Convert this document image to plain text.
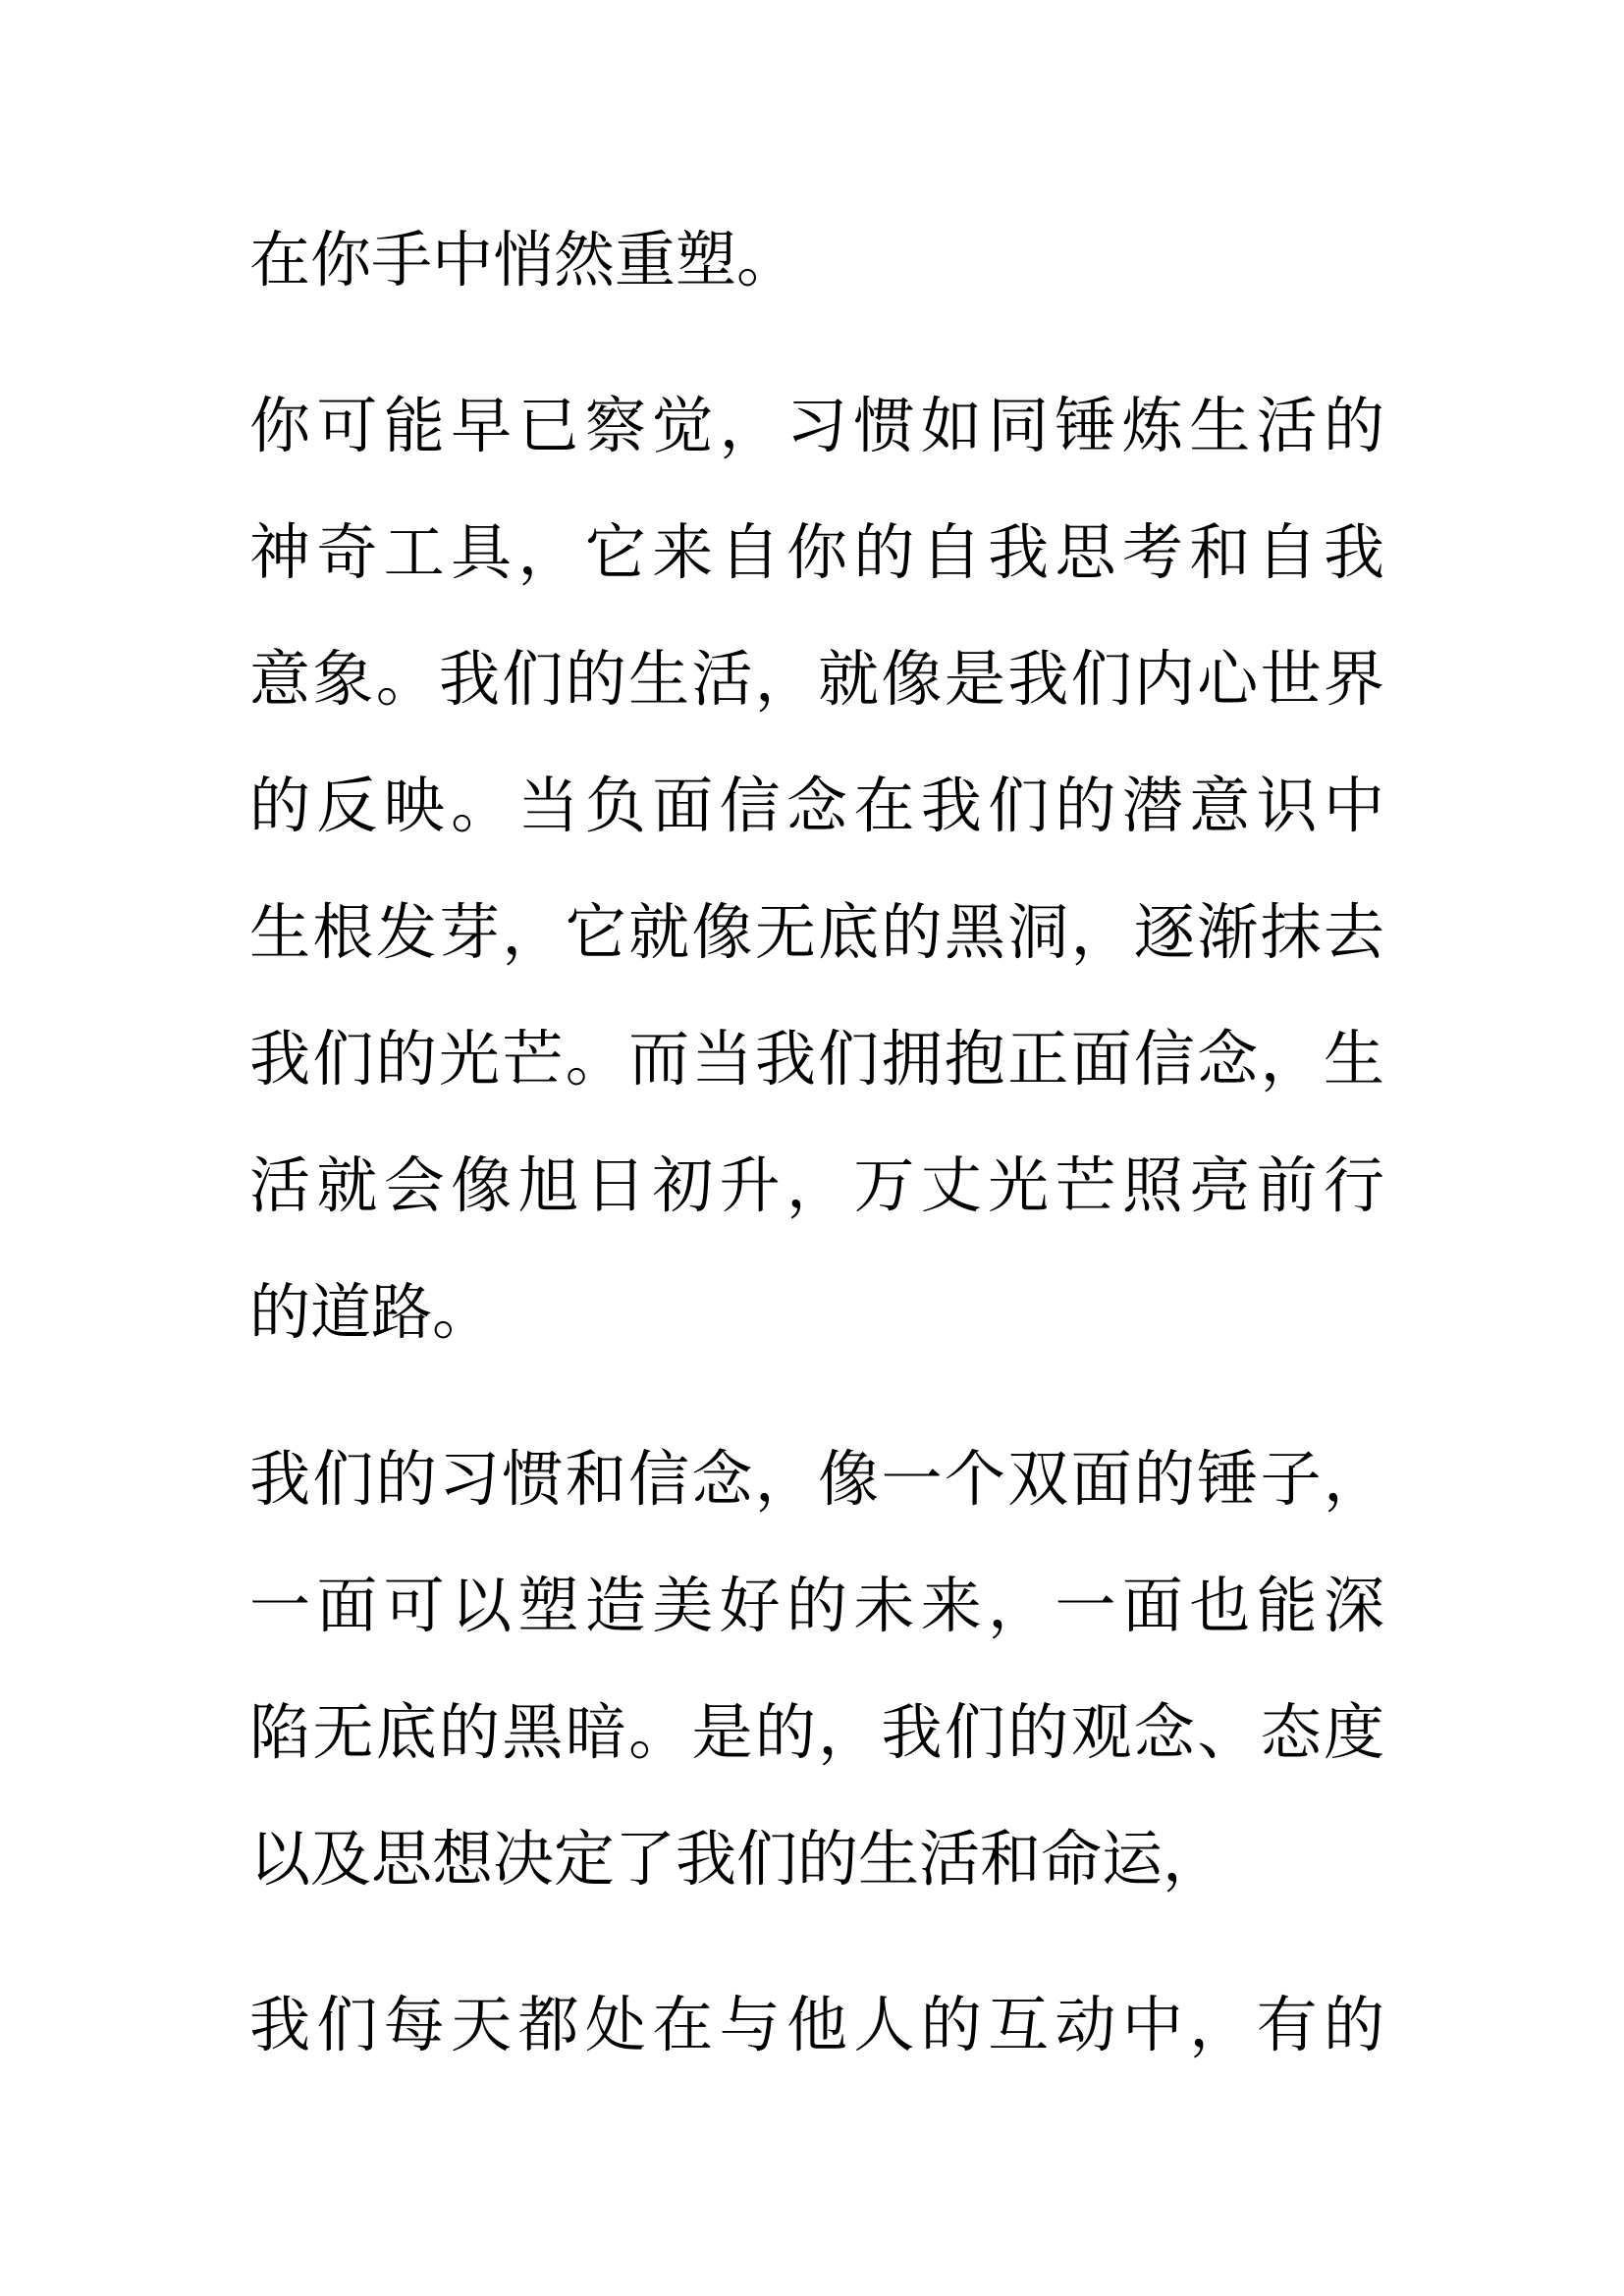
在你手中悄然重塑。

你可能早已察觉，习惯如同锤炼生活的

神奇工具，它来自你的自我思考和自我

意象。我们的生活，就像是我们内心世界

的反映。当负面信念在我们的潜意识中

生根发芽，它就像无底的黑洞，逐渐抹去

我们的光芒。而当我们拥抱正面信念，生

活就会像旭日初升，万丈光芒照亮前行

的道路。

我们的习惯和信念，像一个双面的锤子，

一面可以塑造美好的未来，一面也能深

陷无底的黑暗。是的，我们的观念、态度

以及思想决定了我们的生活和命运，

我们每天都处在与他人的互动中，有的
